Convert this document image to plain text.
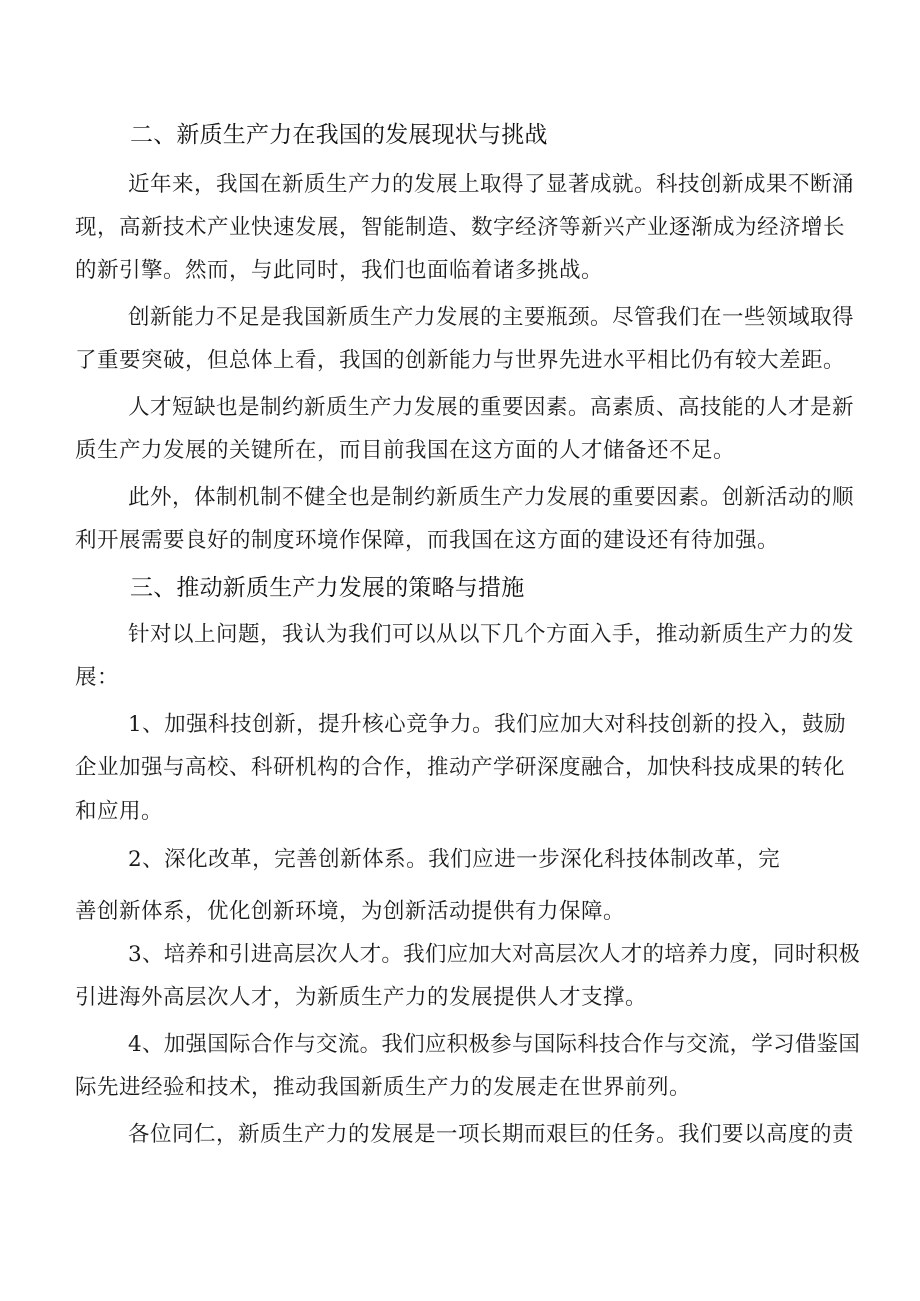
二、新质生产力在我国的发展现状与挑战
近年来，我国在新质生产力的发展上取得了显著成就。科技创新成果不断涌
现，高新技术产业快速发展，智能制造、数字经济等新兴产业逐渐成为经济增长
的新引擎。然而，与此同时，我们也面临着诸多挑战。
创新能力不足是我国新质生产力发展的主要瓶颈。尽管我们在一些领域取得
了重要突破，但总体上看，我国的创新能力与世界先进水平相比仍有较大差距。
人才短缺也是制约新质生产力发展的重要因素。高素质、高技能的人才是新
质生产力发展的关键所在，而目前我国在这方面的人才储备还不足。
此外，体制机制不健全也是制约新质生产力发展的重要因素。创新活动的顺
利开展需要良好的制度环境作保障，而我国在这方面的建设还有待加强。
三、推动新质生产力发展的策略与措施
针对以上问题，我认为我们可以从以下几个方面入手，推动新质生产力的发
展：
1、加强科技创新，提升核心竞争力。我们应加大对科技创新的投入，鼓励
企业加强与高校、科研机构的合作，推动产学研深度融合，加快科技成果的转化
和应用。
2、深化改革，完善创新体系。我们应进一步深化科技体制改革，完
善创新体系，优化创新环境，为创新活动提供有力保障。
3、培养和引进高层次人才。我们应加大对高层次人才的培养力度，同时积极
引进海外高层次人才，为新质生产力的发展提供人才支撑。
4、加强国际合作与交流。我们应积极参与国际科技合作与交流，学习借鉴国
际先进经验和技术，推动我国新质生产力的发展走在世界前列。
各位同仁，新质生产力的发展是一项长期而艰巨的任务。我们要以高度的责
